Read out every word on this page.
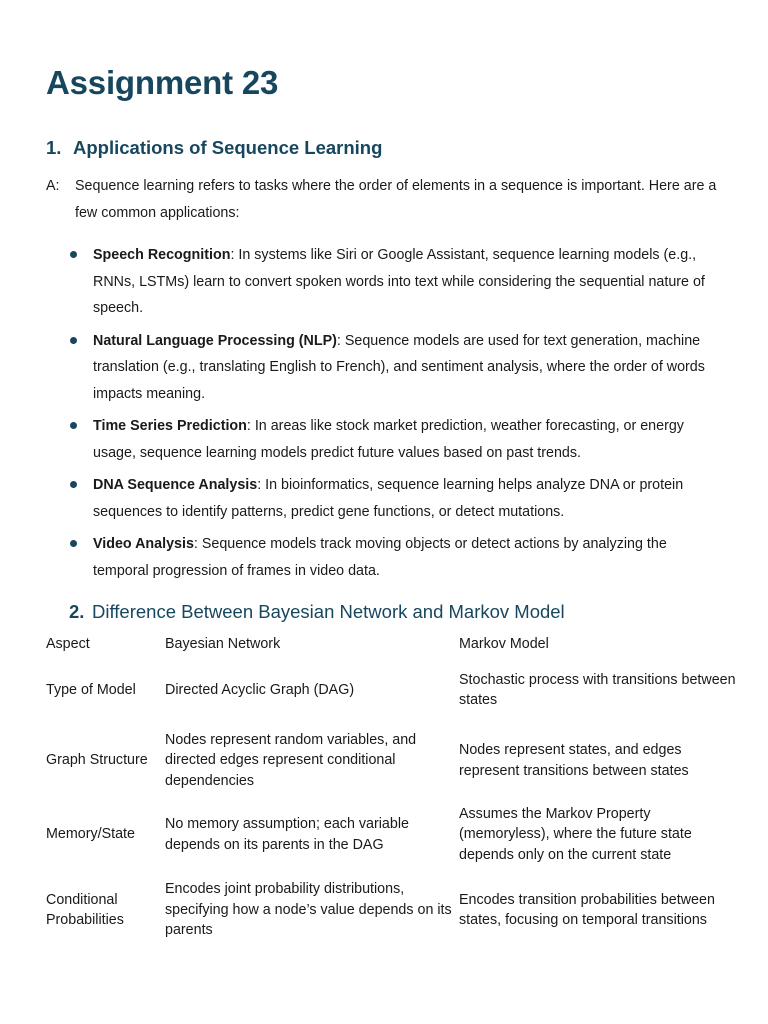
Assignment 23
1. Applications of Sequence Learning
A: Sequence learning refers to tasks where the order of elements in a sequence is important. Here are a few common applications:
Speech Recognition: In systems like Siri or Google Assistant, sequence learning models (e.g., RNNs, LSTMs) learn to convert spoken words into text while considering the sequential nature of speech.
Natural Language Processing (NLP): Sequence models are used for text generation, machine translation (e.g., translating English to French), and sentiment analysis, where the order of words impacts meaning.
Time Series Prediction: In areas like stock market prediction, weather forecasting, or energy usage, sequence learning models predict future values based on past trends.
DNA Sequence Analysis: In bioinformatics, sequence learning helps analyze DNA or protein sequences to identify patterns, predict gene functions, or detect mutations.
Video Analysis: Sequence models track moving objects or detect actions by analyzing the temporal progression of frames in video data.
2. Difference Between Bayesian Network and Markov Model
Aspect	Bayesian Network	Markov Model
Type of Model	Directed Acyclic Graph (DAG)	Stochastic process with transitions between states
Graph Structure	Nodes represent random variables, and directed edges represent conditional dependencies	Nodes represent states, and edges represent transitions between states
Memory/State	No memory assumption; each variable depends on its parents in the DAG	Assumes the Markov Property (memoryless), where the future state depends only on the current state
Conditional Probabilities	Encodes joint probability distributions, specifying how a node’s value depends on its parents	Encodes transition probabilities between states, focusing on temporal transitions
